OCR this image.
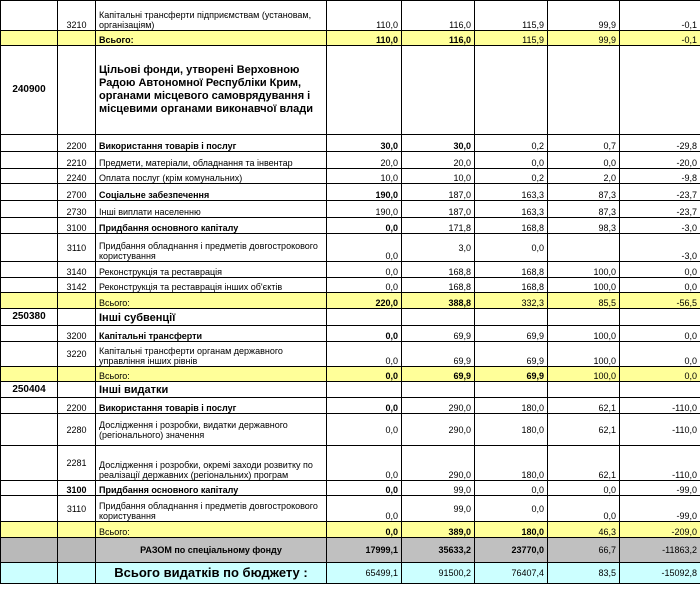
	3210	Капітальні трансферти підприємствам (установам, організаціям)	110,0	116,0	115,9	99,9	-0,1
		Всього:	110,0	116,0	115,9	99,9	-0,1
240900		Цільові фонди, утворені Верховною Радою Автономної Республіки Крим, органами місцевого самоврядування і місцевими органами виконавчої влади					
	2200	Використання товарів і послуг	30,0	30,0	0,2	0,7	-29,8
	2210	Предмети, матеріали, обладнання та інвентар	20,0	20,0	0,0	0,0	-20,0
	2240	Оплата послуг (крім комунальних)	10,0	10,0	0,2	2,0	-9,8
	2700	Соціальне забезпечення	190,0	187,0	163,3	87,3	-23,7
	2730	Інші виплати населенню	190,0	187,0	163,3	87,3	-23,7
	3100	Придбання основного капіталу	0,0	171,8	168,8	98,3	-3,0
	3110	Придбання обладнання і предметів довгострокового користування	0,0	3,0	0,0		-3,0
	3140	Реконструкція та реставрація	0,0	168,8	168,8	100,0	0,0
	3142	Реконструкція та реставрація інших об'єктів	0,0	168,8	168,8	100,0	0,0
		Всього:	220,0	388,8	332,3	85,5	-56,5
250380		Інші субвенції					
	3200	Капітальні трансферти	0,0	69,9	69,9	100,0	0,0
	3220	Капітальні трансферти органам державного управління інших рівнів	0,0	69,9	69,9	100,0	0,0
		Всього:	0,0	69,9	69,9	100,0	0,0
250404		Інші видатки					
	2200	Використання товарів і послуг	0,0	290,0	180,0	62,1	-110,0
	2280	Дослідження і розробки, видатки державного (регіонального) значення	0,0	290,0	180,0	62,1	-110,0
	2281	Дослідження і розробки, окремі заходи розвитку по реалізації державних (регіональних) програм	0,0	290,0	180,0	62,1	-110,0
	3100	Придбання основного капіталу	0,0	99,0	0,0	0,0	-99,0
	3110	Придбання обладнання і предметів довгострокового користування	0,0	99,0	0,0	0,0	-99,0
		Всього:	0,0	389,0	180,0	46,3	-209,0
		РАЗОМ по спеціальному фонду	17999,1	35633,2	23770,0	66,7	-11863,2
		Всього видатків по бюджету :	65499,1	91500,2	76407,4	83,5	-15092,8
